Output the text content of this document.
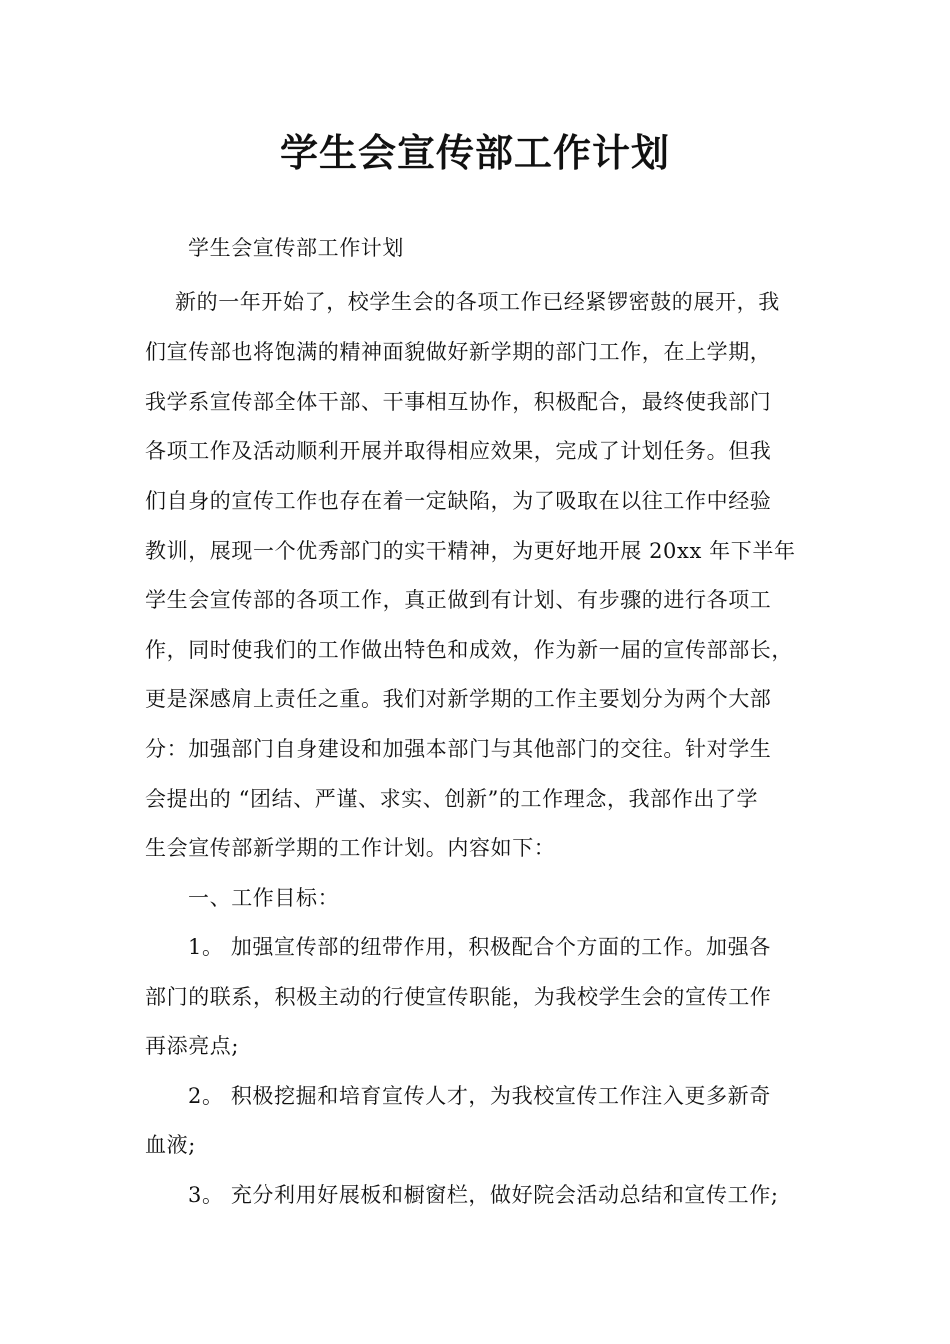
学生会宣传部工作计划
学生会宣传部工作计划
新的一年开始了，校学生会的各项工作已经紧锣密鼓的展开，我
们宣传部也将饱满的精神面貌做好新学期的部门工作，在上学期，
我学系宣传部全体干部、干事相互协作，积极配合，最终使我部门
各项工作及活动顺利开展并取得相应效果，完成了计划任务。但我
们自身的宣传工作也存在着一定缺陷，为了吸取在以往工作中经验
教训，展现一个优秀部门的实干精神，为更好地开展 20xx 年下半年
学生会宣传部的各项工作，真正做到有计划、有步骤的进行各项工
作，同时使我们的工作做出特色和成效，作为新一届的宣传部部长，
更是深感肩上责任之重。我们对新学期的工作主要划分为两个大部
分：加强部门自身建设和加强本部门与其他部门的交往。针对学生
会提出的 “团结、严谨、求实、创新”的工作理念，我部作出了学
生会宣传部新学期的工作计划。内容如下：
一、工作目标：
1。 加强宣传部的纽带作用，积极配合个方面的工作。加强各
部门的联系，积极主动的行使宣传职能，为我校学生会的宣传工作
再添亮点;
2。 积极挖掘和培育宣传人才，为我校宣传工作注入更多新奇
血液;
3。 充分利用好展板和橱窗栏，做好院会活动总结和宣传工作;
